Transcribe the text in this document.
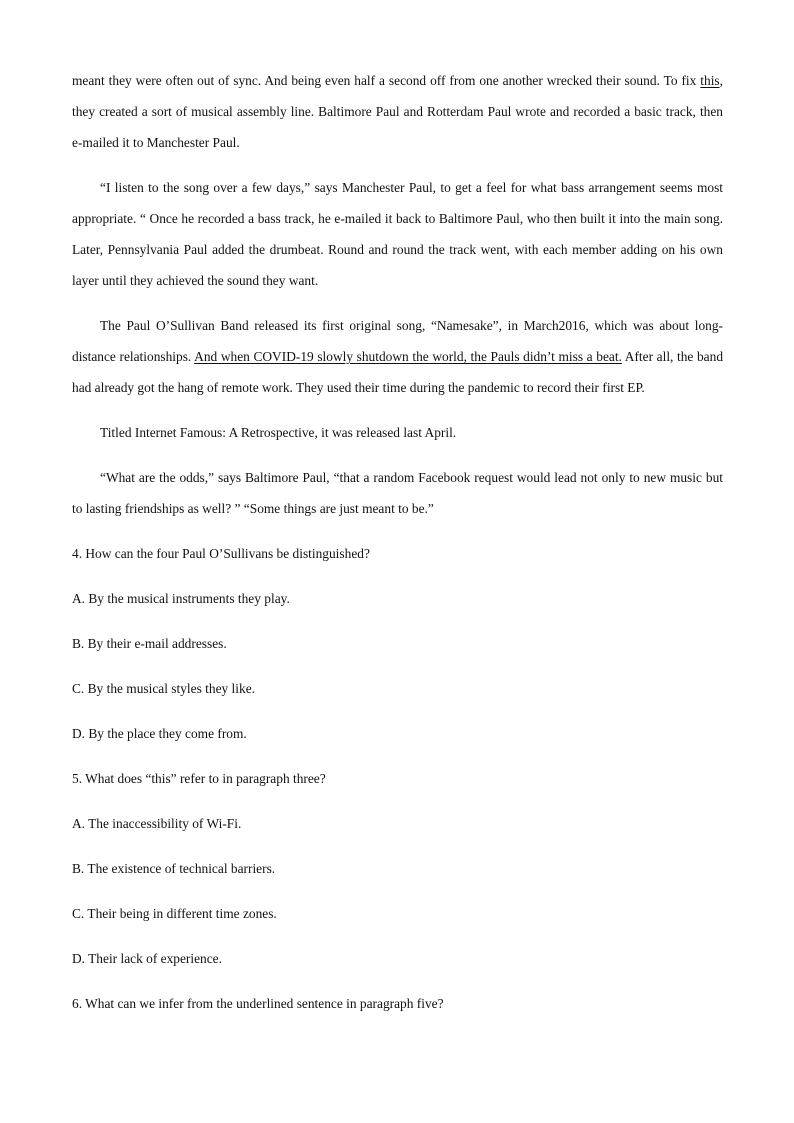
meant they were often out of sync. And being even half a second off from one another wrecked their sound. To fix this, they created a sort of musical assembly line. Baltimore Paul and Rotterdam Paul wrote and recorded a basic track, then e-mailed it to Manchester Paul.

“I listen to the song over a few days,” says Manchester Paul, to get a feel for what bass arrangement seems most appropriate. “ Once he recorded a bass track, he e-mailed it back to Baltimore Paul, who then built it into the main song. Later, Pennsylvania Paul added the drumbeat. Round and round the track went, with each member adding on his own layer until they achieved the sound they want.

The Paul O’Sullivan Band released its first original song, “Namesake”, in March2016, which was about long-distance relationships. And when COVID-19 slowly shutdown the world, the Pauls didn’t miss a beat. After all, the band had already got the hang of remote work. They used their time during the pandemic to record their first EP.

Titled Internet Famous: A Retrospective, it was released last April.

“What are the odds,” says Baltimore Paul, “that a random Facebook request would lead not only to new music but to lasting friendships as well? ” “Some things are just meant to be.”

4. How can the four Paul O’Sullivans be distinguished?

A. By the musical instruments they play.

B. By their e-mail addresses.

C. By the musical styles they like.

D. By the place they come from.

5. What does “this” refer to in paragraph three?

A. The inaccessibility of Wi-Fi.

B. The existence of technical barriers.

C. Their being in different time zones.

D. Their lack of experience.

6. What can we infer from the underlined sentence in paragraph five?
